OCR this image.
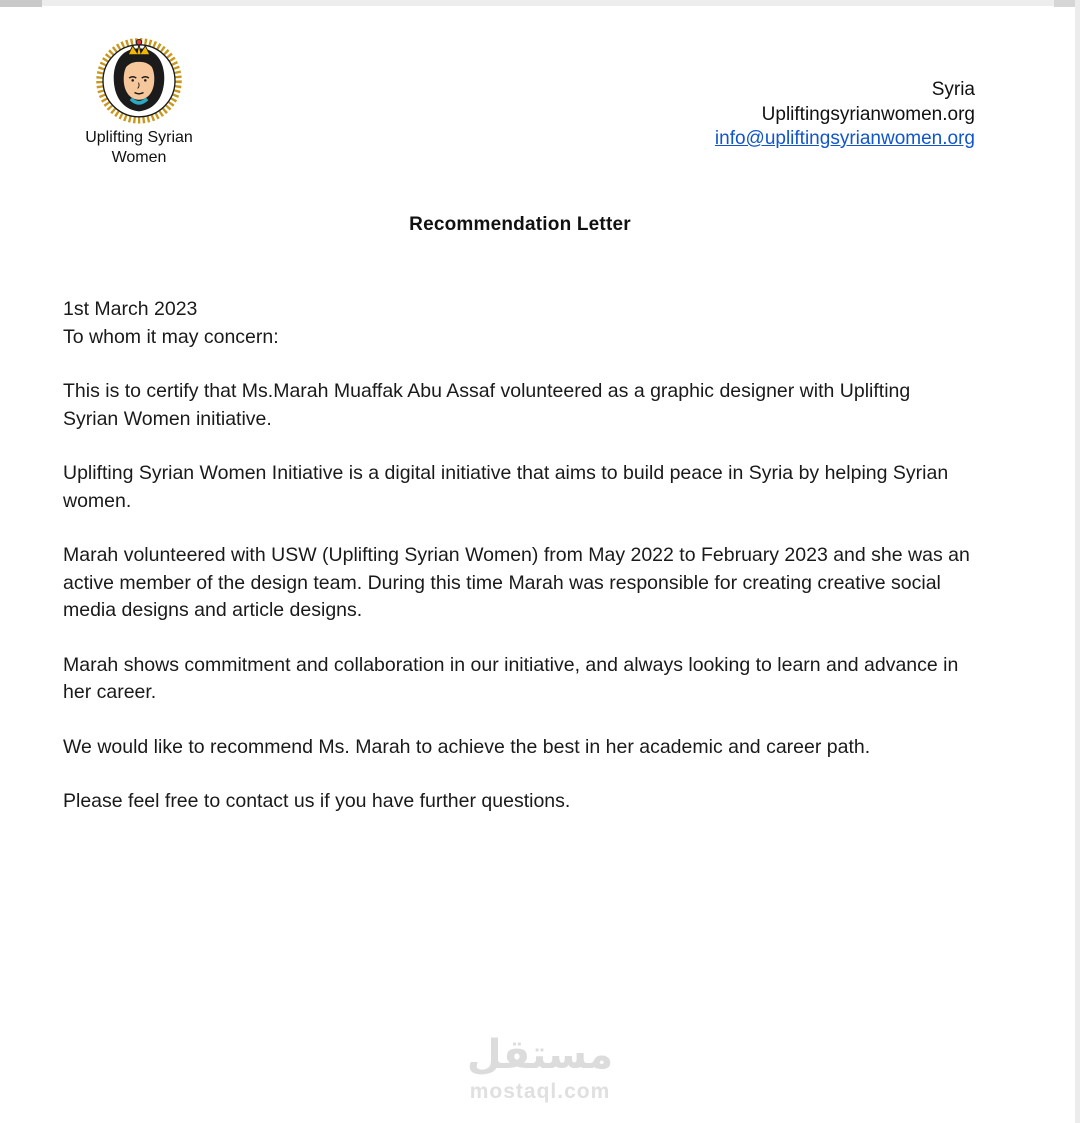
Uplifting Syrian
Women
Syria
Upliftingsyrianwomen.org
info@upliftingsyrianwomen.org
Recommendation Letter
1st March 2023
To whom it may concern:

This is to certify that Ms.Marah Muaffak Abu Assaf volunteered as a graphic designer with Uplifting Syrian Women initiative.

Uplifting Syrian Women Initiative is a digital initiative that aims to build peace in Syria by helping Syrian women.

Marah volunteered with USW (Uplifting Syrian Women) from May 2022 to February 2023 and she was an active member of the design team. During this time Marah was responsible for creating creative social media designs and article designs.

Marah shows commitment and collaboration in our initiative, and always looking to learn and advance in her career.

We would like to recommend Ms. Marah to achieve the best in her academic and career path.

Please feel free to contact us if you have further questions.

مستقل
mostaql.com
